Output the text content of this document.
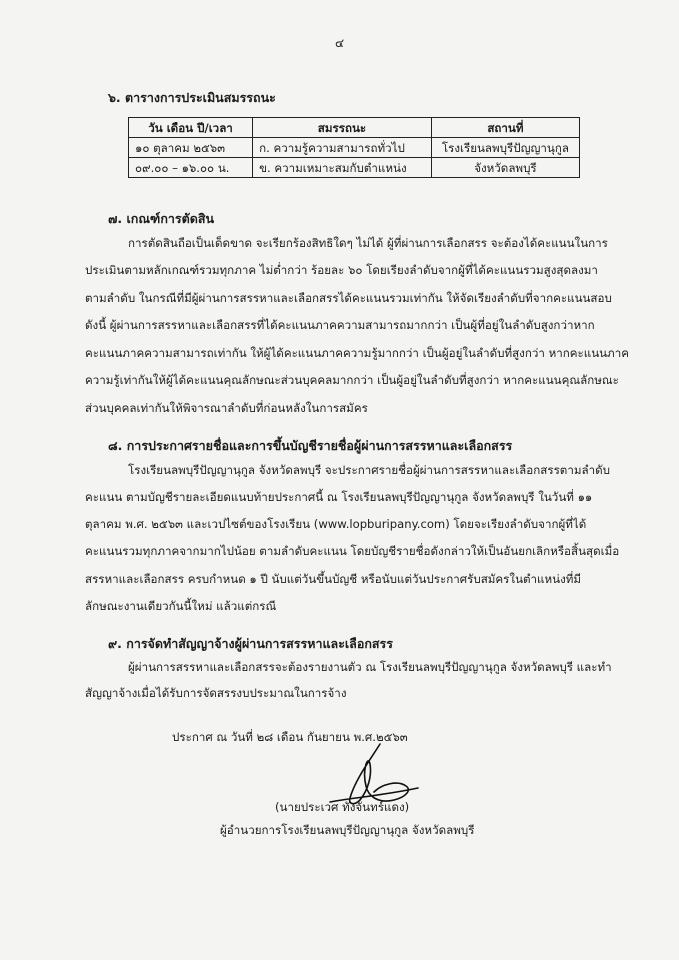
๔
๖. ตารางการประเมินสมรรถนะ
วัน เดือน ปี/เวลา	สมรรถนะ	สถานที่
๑๐ ตุลาคม ๒๕๖๓	ก. ความรู้ความสามารถทั่วไป	โรงเรียนลพบุรีปัญญานุกูล
๐๙.๐๐ – ๑๖.๐๐ น.	ข. ความเหมาะสมกับตำแหน่ง	จังหวัดลพบุรี
๗. เกณฑ์การตัดสิน
การตัดสินถือเป็นเด็ดขาด จะเรียกร้องสิทธิใดๆ ไม่ได้ ผู้ที่ผ่านการเลือกสรร จะต้องได้คะแนนในการ
ประเมินตามหลักเกณฑ์รวมทุกภาค ไม่ต่ำกว่า ร้อยละ ๖๐ โดยเรียงลำดับจากผู้ที่ได้คะแนนรวมสูงสุดลงมา
ตามลำดับ ในกรณีที่มีผู้ผ่านการสรรหาและเลือกสรรได้คะแนนรวมเท่ากัน ให้จัดเรียงลำดับที่จากคะแนนสอบ
ดังนี้ ผู้ผ่านการสรรหาและเลือกสรรที่ได้คะแนนภาคความสามารถมากกว่า เป็นผู้ที่อยู่ในลำดับสูงกว่าหาก
คะแนนภาคความสามารถเท่ากัน ให้ผู้ได้คะแนนภาคความรู้มากกว่า เป็นผู้อยู่ในลำดับที่สูงกว่า หากคะแนนภาค
ความรู้เท่ากันให้ผู้ได้คะแนนคุณลักษณะส่วนบุคคลมากกว่า เป็นผู้อยู่ในลำดับที่สูงกว่า หากคะแนนคุณลักษณะ
ส่วนบุคคลเท่ากันให้พิจารณาลำดับที่ก่อนหลังในการสมัคร
๘. การประกาศรายชื่อและการขึ้นบัญชีรายชื่อผู้ผ่านการสรรหาและเลือกสรร
โรงเรียนลพบุรีปัญญานุกูล จังหวัดลพบุรี จะประกาศรายชื่อผู้ผ่านการสรรหาและเลือกสรรตามลำดับ
คะแนน ตามบัญชีรายละเอียดแนบท้ายประกาศนี้ ณ โรงเรียนลพบุรีปัญญานุกูล จังหวัดลพบุรี ในวันที่ ๑๑
ตุลาคม พ.ศ. ๒๕๖๓ และเวปไซต์ของโรงเรียน (www.lopburipany.com) โดยจะเรียงลำดับจากผู้ที่ได้
คะแนนรวมทุกภาคจากมากไปน้อย ตามลำดับคะแนน โดยบัญชีรายชื่อดังกล่าวให้เป็นอันยกเลิกหรือสิ้นสุดเมื่อ
สรรหาและเลือกสรร ครบกำหนด ๑ ปี นับแต่วันขึ้นบัญชี หรือนับแต่วันประกาศรับสมัครในตำแหน่งที่มี
ลักษณะงานเดียวกันนี้ใหม่ แล้วแต่กรณี
๙. การจัดทำสัญญาจ้างผู้ผ่านการสรรหาและเลือกสรร
ผู้ผ่านการสรรหาและเลือกสรรจะต้องรายงานตัว ณ โรงเรียนลพบุรีปัญญานุกูล จังหวัดลพบุรี และทำ
สัญญาจ้างเมื่อได้รับการจัดสรรงบประมาณในการจ้าง
ประกาศ ณ วันที่ ๒๘ เดือน กันยายน พ.ศ.๒๕๖๓
(นายประเวศ ทังจันทร์แดง)
ผู้อำนวยการโรงเรียนลพบุรีปัญญานุกูล จังหวัดลพบุรี
